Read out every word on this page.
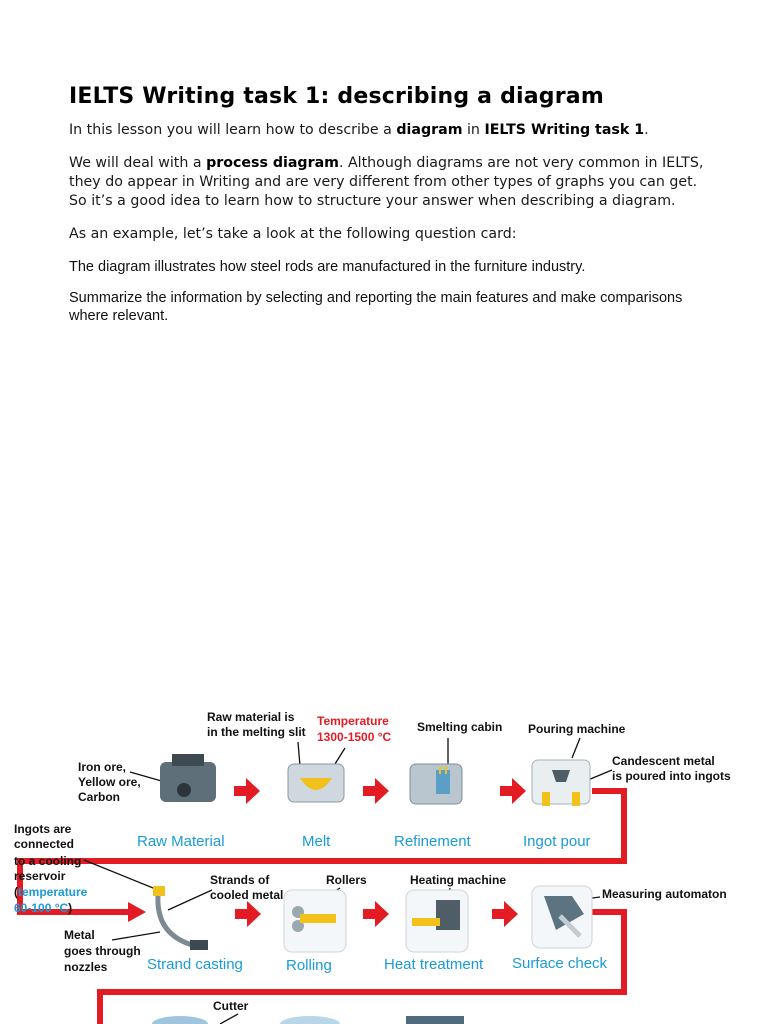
IELTS Writing task 1: describing a diagram

In this lesson you will learn how to describe a diagram in IELTS Writing task 1.

We will deal with a process diagram. Although diagrams are not very common in IELTS, they do appear in Writing and are very different from other types of graphs you can get. So it’s a good idea to learn how to structure your answer when describing a diagram.

As an example, let’s take a look at the following question card:

The diagram illustrates how steel rods are manufactured in the furniture industry.

Summarize the information by selecting and reporting the main features and make comparisons where relevant.

Raw material is
in the melting slit
Temperature
1300-1500 °C
Smelting cabin Pouring machine
Candescent metal
is poured into ingots
Iron ore,
Yellow ore,
Carbon
Raw Material	Melt	Refinement	Ingot pour
Ingots are
connected
to a cooling
reservoir
(temperature
60-100 °C)
Strands of
cooled metal
Rollers	Heating machine
Measuring automaton
Metal
goes through
nozzles	Strand casting	Rolling	Heat treatment Surface check
Cutter
